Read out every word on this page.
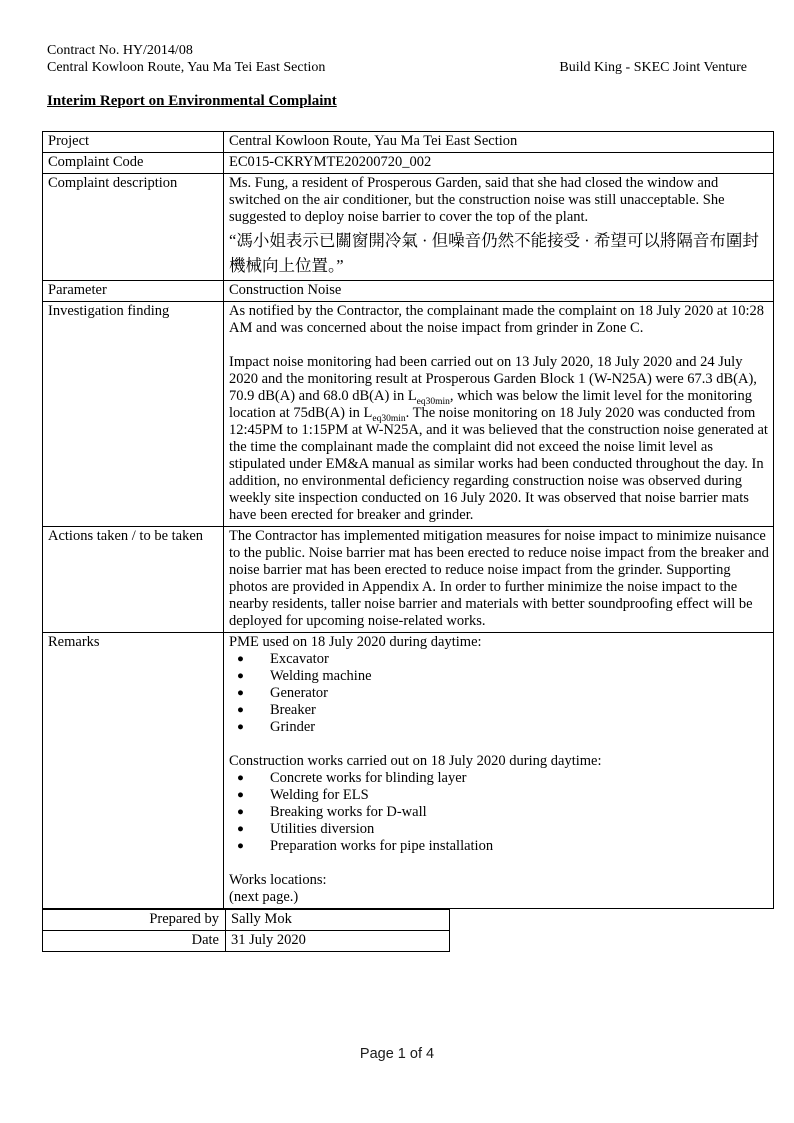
Contract No. HY/2014/08
Central Kowloon Route, Yau Ma Tei East Section	Build King - SKEC Joint Venture
Interim Report on Environmental Complaint
Project	Central Kowloon Route, Yau Ma Tei East Section
Complaint Code	EC015-CKRYMTE20200720_002
Complaint description	Ms. Fung, a resident of Prosperous Garden, said that she had closed the window and switched on the air conditioner, but the construction noise was still unacceptable. She suggested to deploy noise barrier to cover the top of the plant.
“馮小姐表示已關窗開冷氣 · 但噪音仍然不能接受 · 希望可以將隔音布圍封機械向上位置。”

Parameter	Construction Noise
Investigation finding	As notified by the Contractor, the complainant made the complaint on 18 July 2020 at 10:28 AM and was concerned about the noise impact from grinder in Zone C.
Impact noise monitoring had been carried out on 13 July 2020, 18 July 2020 and 24 July 2020 and the monitoring result at Prosperous Garden Block 1 (W-N25A) were 67.3 dB(A), 70.9 dB(A) and 68.0 dB(A) in $L_{eq30min}$, which was below the limit level for the monitoring location at 75dB(A) in $L_{eq30min}$. The noise monitoring on 18 July 2020 was conducted from 12:45PM to 1:15PM at W-N25A, and it was believed that the construction noise generated at the time the complainant made the complaint did not exceed the noise limit level as stipulated under EM&A manual as similar works had been conducted throughout the day. In addition, no environmental deficiency regarding construction noise was observed during weekly site inspection conducted on 16 July 2020. It was observed that noise barrier mats have been erected for breaker and grinder.

Actions taken / to be taken	The Contractor has implemented mitigation measures for noise impact to minimize nuisance to the public. Noise barrier mat has been erected to reduce noise impact from the breaker and noise barrier mat has been erected to reduce noise impact from the grinder. Supporting photos are provided in Appendix A. In order to further minimize the noise impact to the nearby residents, taller noise barrier and materials with better soundproofing effect will be deployed for upcoming noise-related works.
Remarks	PME used on 18 July 2020 during daytime:
●	Excavator
●	Welding machine
●	Generator
●	Breaker
●	Grinder
Construction works carried out on 18 July 2020 during daytime:
●	Concrete works for blinding layer
●	Welding for ELS
●	Breaking works for D-wall
●	Utilities diversion
●	Preparation works for pipe installation
Works locations:
(next page.)
Prepared by	Sally Mok
Date	31 July 2020
Page 1 of 4
